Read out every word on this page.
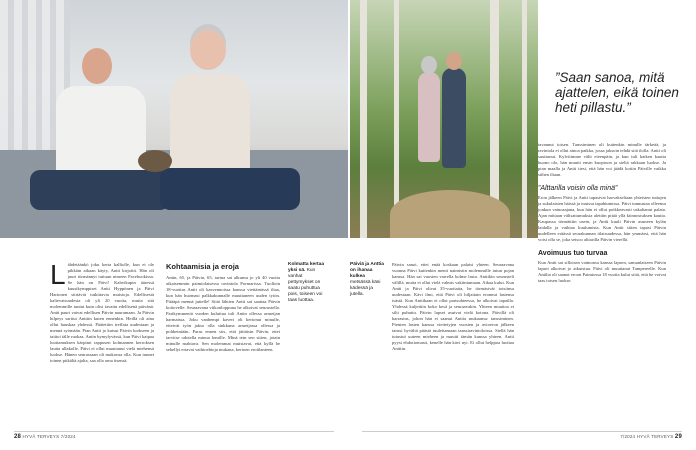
”Saan sanoa, mitä ajattelen, eikä toinen heti pillastu.”
L ähdetäänkö joku kerta kalliolle, kun ei ole pikkiän aikaan käyty, Antti kirjoitti. Hän oli juuri törmännyt tuttuun nimeen Facebookissa. Se hän on Päivi! Kahvikupin ääressä kuusikymppiset Antti Hyppönen ja Päivi Hartonen siirtävät tutkittavia muistoja. Edellisestä kaltevaisuudesta oli yli 20 vuotta, mutta sitä molemmille tuntui kuin olisi tavattu edellisenä päivänä. Antti pauri vaivat edellisen Päivin nauramaan. Ja Päivin hilpeys sarttui Anttiin kuten ennenkin. Heillä oli aina ollut hauskaa yhdessä. Päätettiin treffata uudestaan ja mennä syömään. Pian Antti jo kutsui Päivin luokseen ja taittoi tälle ruokaa. Antin hymylyvässä, kun Päivi kaipaa luottamuksen kärpimi rappusen kolmannen kerroksen lautta ullakolle. Päivi ei ollut muuttanut vielä miehensä luokse. Hänen seurassaan oli mukavaa olla. Kun tunnet toinen pitkältä ajalta, saa olla oma itsensä.

Kohtaamisia ja eroja

Antin, 65, ja Päivin, 65, tarina sai alkunsa jo yli 40 vuotta aikaisemmin paimiolaisessa ravintola Pormarissa. Tuolloin 18-vuotias Antti oli kasvennoissa kanssa viettämässä iltaa, kun hän huomasi palkkakunnalle muuttaneen uuden tytön. Pitääpä mennä juttelle! Siitä lähtien Antti sai saattaa Päivin kotiovelle. Seuraavana viikonloppuna he alkoivat seurustella. Parikymmentä vuoden kuluttua tuli Antin ollessa armeijan harmaissa. Joku vanhempi kaveri oli kertonut minulle, etteivät työn jakso olla sinkkuna armeijassa ollessa ja pohkeintään. Paras ennen siis, että jättäisin Päivin, ettei tarvitse odotella minua lomille. Minä tein sen sitten, jotain minulle mahtava. Sen molemmat muistavat, että kyllä he sehellyt eriavat vaihtoehtoja mukana, kertoen erotilanteen.

Kolmatta kertaa yksi sä. Kun vanhat pettymykset on saatu puhuttua pois, toiseen voi taas luottaa.
Päiviä ja Anttia on ihanaa kulkea metsässä käsi kädessä ja jutella.

Päivin sanoi, ettei enää koskaan palaisi yhteen. Seuraavana vuonna Päivi kuitenkin menti naimisiin molemmille tutun pojan kanssa. Hän sai vuosien varrella kolme lasta. Anttikin seurusteli välillä, mutta ei ollut vielä valmis vakiintumaan. Aikaa kului. Kun Antti ja Päivi olivat 35-vuotiaita, he törmäsivät toisiinsa uudestaan. Kävi ilmi, että Päivi oli hiljattain eronnut lastensa isästä. Kun Anttikaan ei ollut parisuhteessa, he alkoivat tapailla. Yhdessä kuljettiin koko kesä ja seuraavakin. Yhteen muuttoa ei silti puhuttu. Päivin lapset asuivat vielä kotona. Päivillä oli harrastus, johon hän ei saanut Anttia mukaansa: tanssiminen. Pienten lasten kanssa viettetyjen vuosien ja avioeron jälkeen tanssi hyvältä päästä tuulettamaan tanssiravintoloissa. Siellä hän tutustui uuteen mieheen ja muutti tämän kanssa yhteen. Antti pyysi ehdottomasti, kenelle hän kävi nyt. Ei ollut helppoa luottaa Anttiin.

tavannut toisen. Tanssiminen oli kuitenkin minulle tärkeää, ja ravintola ei ollut ainoa paikka, jossa jaksoin tehdä sitä ilolla. Antti oli suuttunut. Kylvitimme välit eteenpäin, ja kun tuli kaiken kautta huono olo, hän muutti ensin kuopioon ja sieltä rakkaan luokse. Ja pian maalla ja Antti tiesi, että hän voi jäädä kotiin Päiville vaikka siihen iltaan.

”Alttarilla voisin olla minä”

Eron jälkeen Päivi ja Antti tapasivat harvakseltaan yhteisten tuttujen ja sukulaisten häissä ja muissa tapahtumissa. Päivi tunnustaa olleensa jonkun vainoaajana, kun hän ei ollut poikkeavasti uskaltanut palata. Ajan mittaan välisattumuksia alettiin pitää yllä kiinnostuksen kautta. Kaupassa törmättiin usein, ja Antti kuuli Päivin asuneen kylän laidalla ja vaihtaa kuulumisia. Kun Antti sitten tapasi Päivin uudelleen eräässä seurakunnan tilaisuudessa, hän ymmärsi, että hän voisi olla se, joka seisoo alttarilla Päivin vierellä.

Avoimuus tuo turvaa

Kun Antti sai silloisen vaimonsa kanssa lapsen, samanlaiseen Päivin lapset alkoivat jo aikuistua. Päivi oli muuttanut Tampereelle. Kun Antilta oli saanut eroon Paimiossa 18 vuotta kului siitä, että he voivat taas toisen luokse.

28 HYVÄ TERVEYS 7/2024	7/2024 HYVÄ TERVEYS 29
